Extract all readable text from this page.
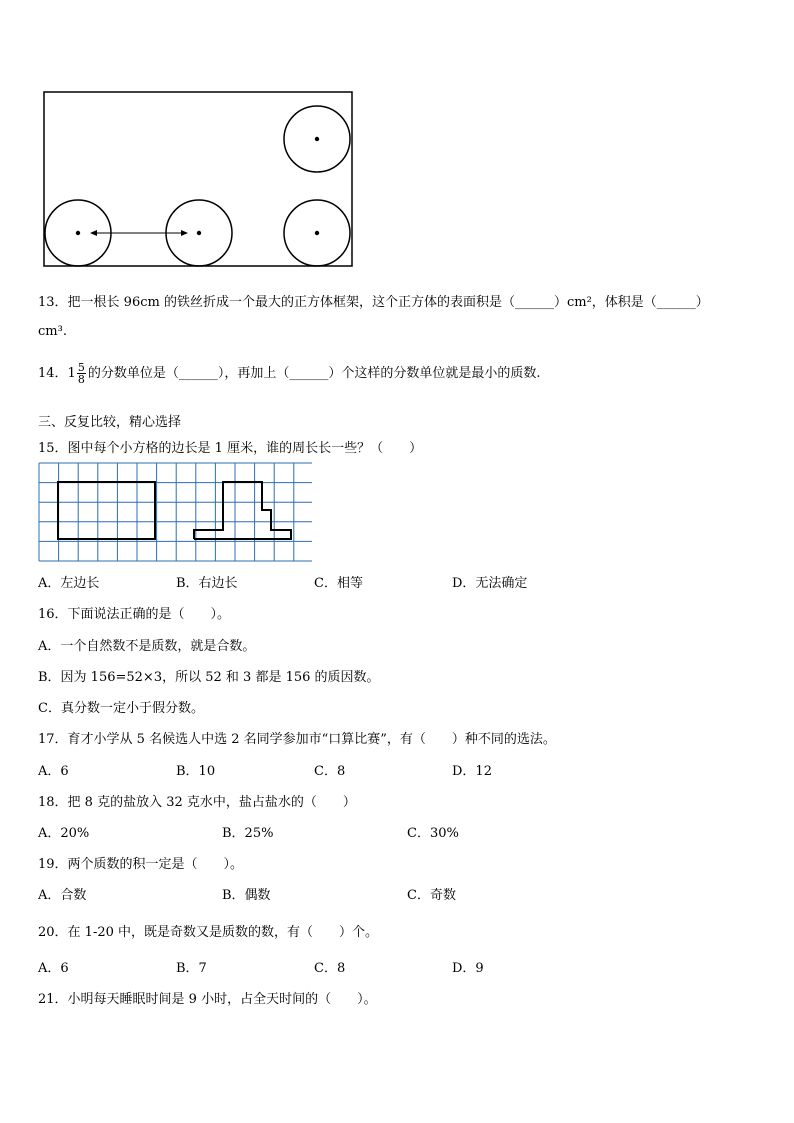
13．把一根长 96cm 的铁丝折成一个最大的正方体框架，这个正方体的表面积是（______）cm²，体积是（______）
cm³.
14．$1 \frac{5}{8}$ 的分数单位是（______），再加上（______）个这样的分数单位就是最小的质数.
三、反复比较，精心选择
15．图中每个小方格的边长是 1 厘米，谁的周长长一些？（　　）
A．左边长	B．右边长	C．相等	D．无法确定
16．下面说法正确的是（　　）。
A．一个自然数不是质数，就是合数。
B．因为 156=52×3，所以 52 和 3 都是 156 的质因数。
C．真分数一定小于假分数。
17．育才小学从 5 名候选人中选 2 名同学参加市“口算比赛”，有（　　）种不同的选法。
A．6	B．10	C．8	D．12
18．把 8 克的盐放入 32 克水中，盐占盐水的（　　）
A．20%	B．25%	C．30%
19．两个质数的积一定是（　　）。
A．合数	B．偶数	C．奇数
20．在 1-20 中，既是奇数又是质数的数，有（　　）个。
A．6	B．7	C．8	D．9
21．小明每天睡眠时间是 9 小时，占全天时间的（　　）。
